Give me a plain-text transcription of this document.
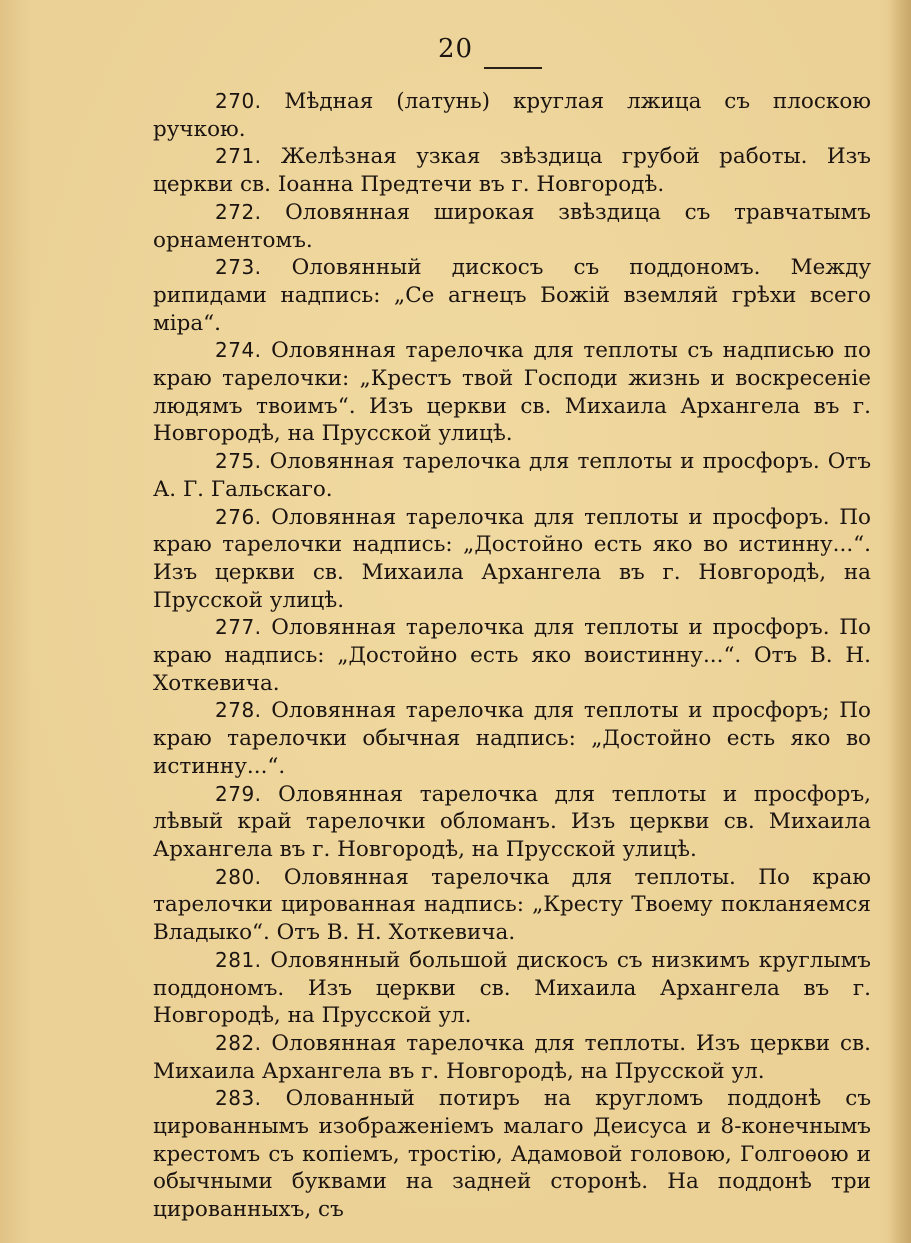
20

270. Мѣдная (латунь) круглая лжица съ плоскою ручкою.

271. Желѣзная узкая звѣздица грубой работы. Изъ церкви св. Іоанна Предтечи въ г. Новгородѣ.

272. Оловянная широкая звѣздица съ травчатымъ орнаментомъ.

273. Оловянный дискосъ съ поддономъ. Между рипидами надпись: „Се агнецъ Божій вземляй грѣхи всего міра“.

274. Оловянная тарелочка для теплоты съ надписью по краю тарелочки: „Крестъ твой Господи жизнь и воскресеніе людямъ твоимъ“. Изъ церкви св. Михаила Архангела въ г. Новгородѣ, на Прусской улицѣ.

275. Оловянная тарелочка для теплоты и просфоръ. Отъ А. Г. Гальскаго.

276. Оловянная тарелочка для теплоты и просфоръ. По краю тарелочки надпись: „Достойно есть яко во истинну...“. Изъ церкви св. Михаила Архангела въ г. Новгородѣ, на Прусской улицѣ.

277. Оловянная тарелочка для теплоты и просфоръ. По краю надпись: „Достойно есть яко воистинну...“. Отъ В. Н. Хоткевича.

278. Оловянная тарелочка для теплоты и просфоръ; По краю тарелочки обычная надпись: „Достойно есть яко во истинну...“.

279. Оловянная тарелочка для теплоты и просфоръ, лѣвый край тарелочки обломанъ. Изъ церкви св. Михаила Архангела въ г. Новгородѣ, на Прусской улицѣ.

280. Оловянная тарелочка для теплоты. По краю тарелочки цированная надпись: „Кресту Твоему покланяемся Владыко“. Отъ В. Н. Хоткевича.

281. Оловянный большой дискосъ съ низкимъ круглымъ поддономъ. Изъ церкви св. Михаила Архангела въ г. Новгородѣ, на Прусской ул.

282. Оловянная тарелочка для теплоты. Изъ церкви св. Михаила Архангела въ г. Новгородѣ, на Прусской ул.

283. Олованный потиръ на кругломъ поддонѣ съ цированнымъ изображеніемъ малаго Деисуса и 8-конечнымъ крестомъ съ копіемъ, тростію, Адамовой головою, Голгоѳою и обычными буквами на задней сторонѣ. На поддонѣ три цированныхъ, съ
